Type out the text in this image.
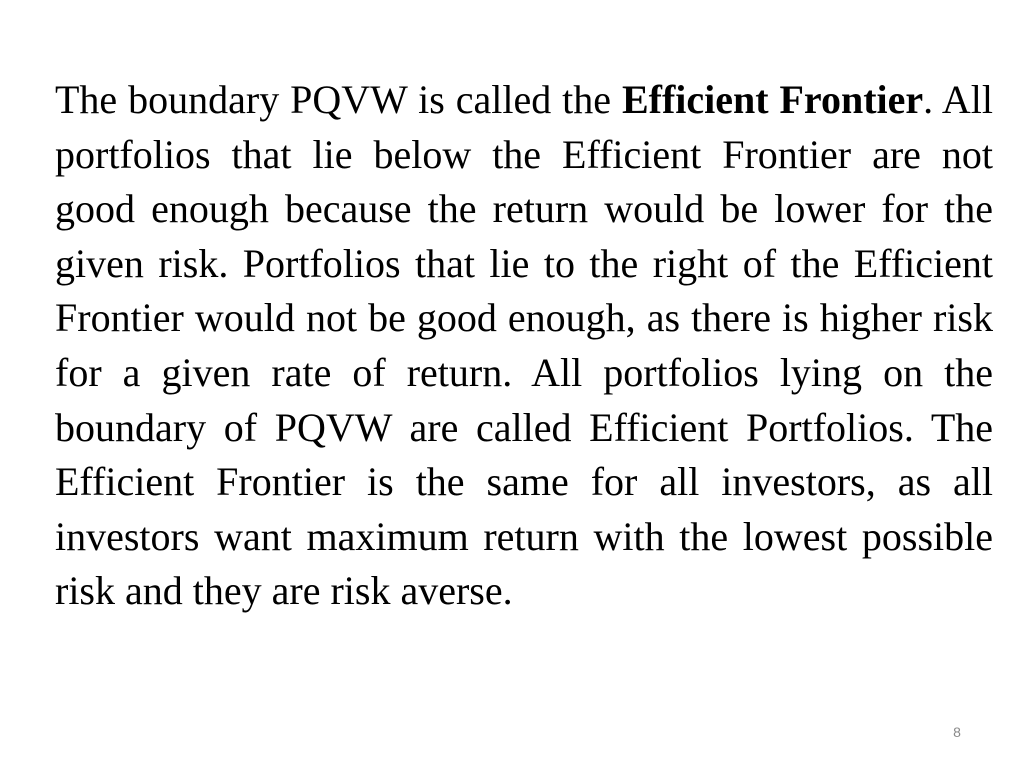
The boundary PQVW is called the Efficient Frontier. All portfolios that lie below the Efficient Frontier are not good enough because the return would be lower for the given risk. Portfolios that lie to the right of the Efficient Frontier would not be good enough, as there is higher risk for a given rate of return. All portfolios lying on the boundary of PQVW are called Efficient Portfolios. The Efficient Frontier is the same for all investors, as all investors want maximum return with the lowest possible risk and they are risk averse.

8
